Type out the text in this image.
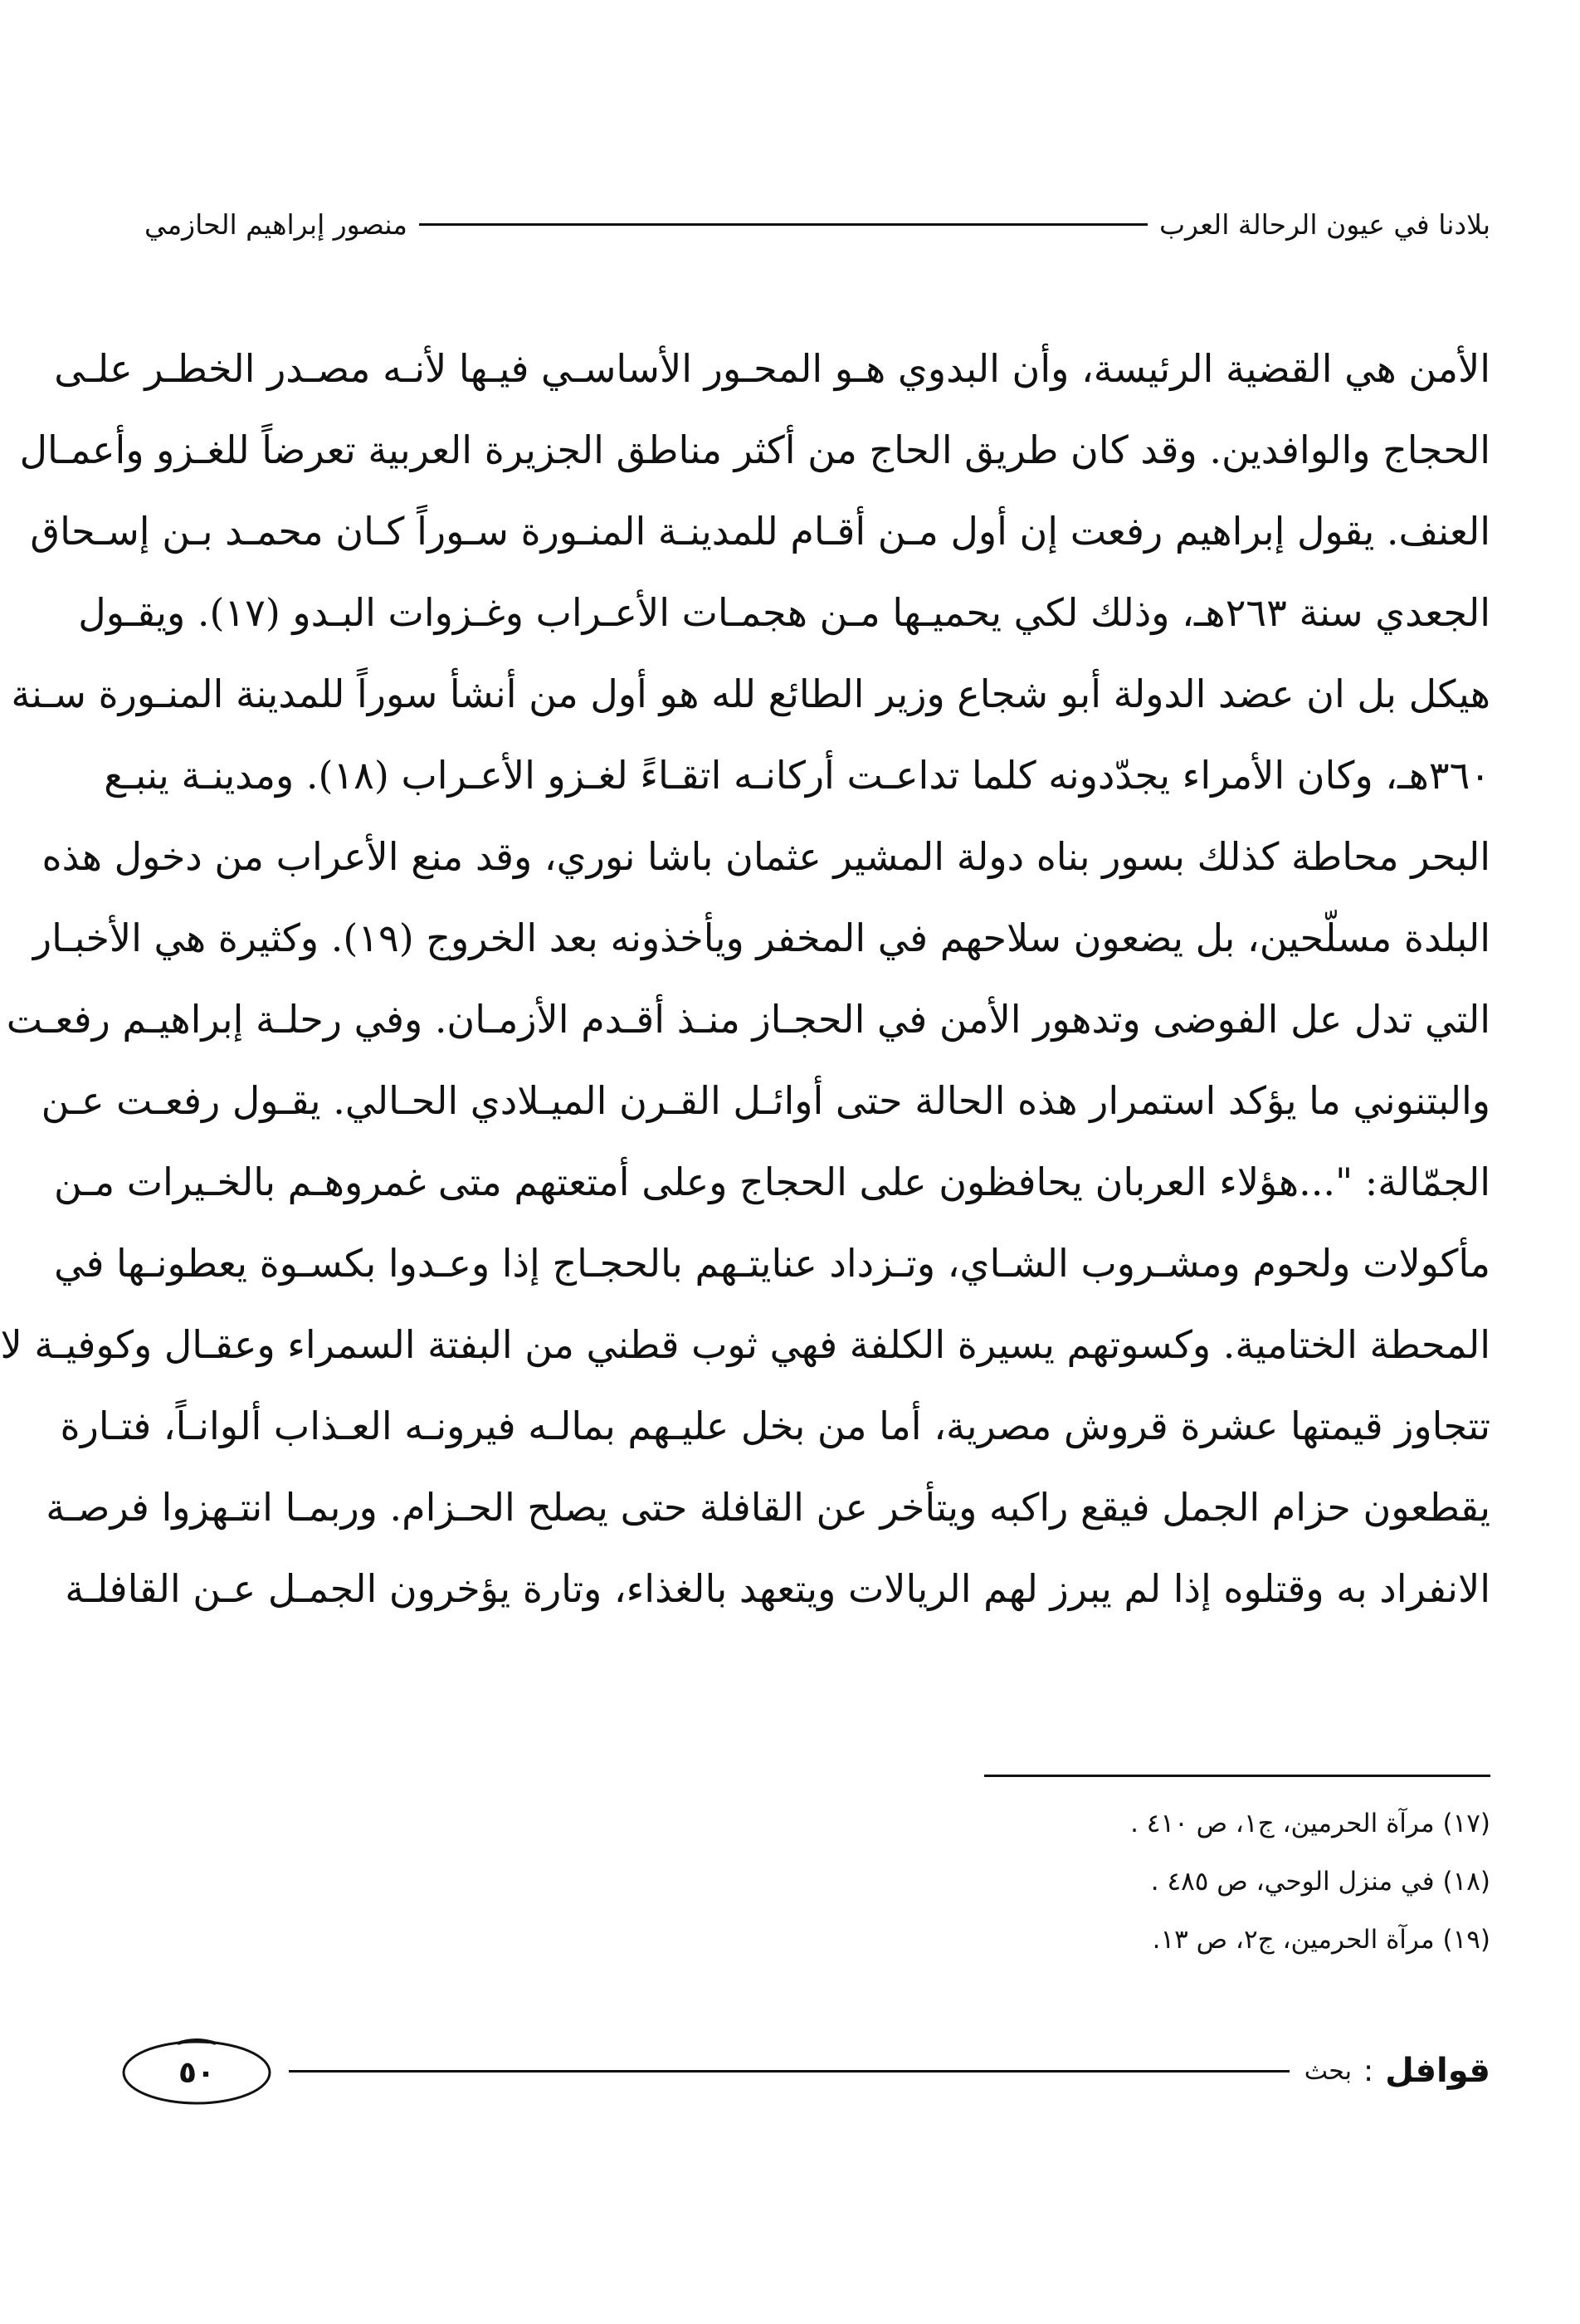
بلادنا في عيون الرحالة العرب
منصور إبراهيم الحازمي
الأمن هي القضية الرئيسة، وأن البدوي هـو المحـور الأساسـي فيـها لأنـه مصـدر الخطـر علـى
الحجاج والوافدين. وقد كان طريق الحاج من أكثر مناطق الجزيرة العربية تعرضاً للغـزو وأعمـال
العنف. يقول إبراهيم رفعت إن أول مـن أقـام للمدينـة المنـورة سـوراً كـان محمـد بـن إسـحاق
الجعدي سنة ٢٦٣هـ، وذلك لكي يحميـها مـن هجمـات الأعـراب وغـزوات البـدو (١٧). ويقـول
هيكل بل ان عضد الدولة أبو شجاع وزير الطائع لله هو أول من أنشأ سوراً للمدينة المنـورة سـنة
٣٦٠هـ، وكان الأمراء يجدّدونه كلما تداعـت أركانـه اتقـاءً لغـزو الأعـراب (١٨). ومدينـة ينبـع
البحر محاطة كذلك بسور بناه دولة المشير عثمان باشا نوري، وقد منع الأعراب من دخول هذه
البلدة مسلّحين، بل يضعون سلاحهم في المخفر ويأخذونه بعد الخروج (١٩). وكثيرة هي الأخبـار
التي تدل عل الفوضى وتدهور الأمن في الحجـاز منـذ أقـدم الأزمـان. وفي رحلـة إبراهيـم رفعـت
والبتنوني ما يؤكد استمرار هذه الحالة حتى أوائـل القـرن الميـلادي الحـالي. يقـول رفعـت عـن
الجمّالة: "...هؤلاء العربان يحافظون على الحجاج وعلى أمتعتهم متى غمروهـم بالخـيرات مـن
مأكولات ولحوم ومشـروب الشـاي، وتـزداد عنايتـهم بالحجـاج إذا وعـدوا بكسـوة يعطونـها في
المحطة الختامية. وكسوتهم يسيرة الكلفة فهي ثوب قطني من البفتة السمراء وعقـال وكوفيـة لا
تتجاوز قيمتها عشرة قروش مصرية، أما من بخل عليـهم بمالـه فيرونـه العـذاب ألوانـاً، فتـارة
يقطعون حزام الجمل فيقع راكبه ويتأخر عن القافلة حتى يصلح الحـزام. وربمـا انتـهزوا فرصـة
الانفراد به وقتلوه إذا لم يبرز لهم الريالات ويتعهد بالغذاء، وتارة يؤخرون الجمـل عـن القافلـة
(١٧) مرآة الحرمين، ج١، ص ٤١٠ .
(١٨) في منزل الوحي، ص ٤٨٥ .
(١٩) مرآة الحرمين، ج٢، ص ١٣.
قوافل
:
بحث
٥٠
